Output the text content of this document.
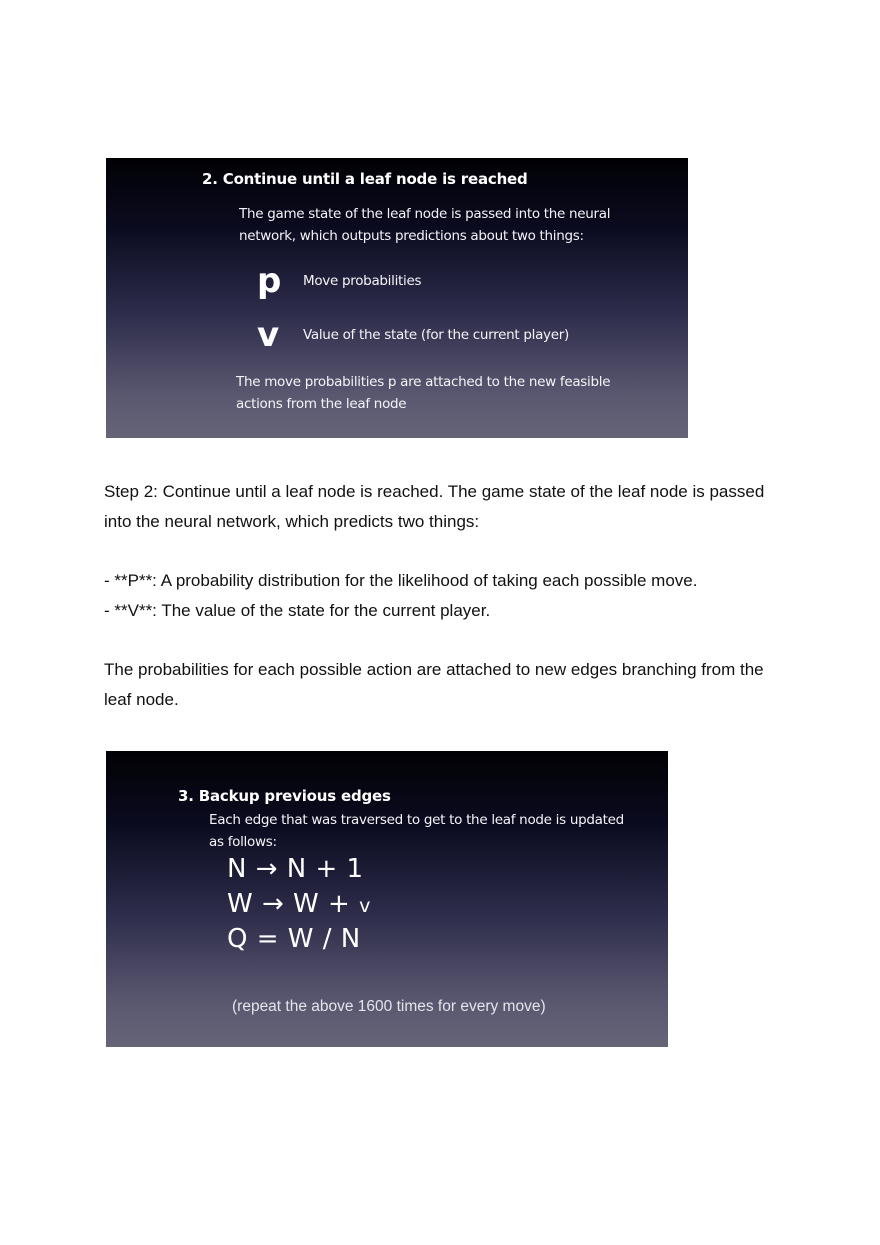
2. Continue until a leaf node is reached
The game state of the leaf node is passed into the neural
network, which outputs predictions about two things:
p Move probabilities
v Value of the state (for the current player)
The move probabilities p are attached to the new feasible
actions from the leaf node

Step 2: Continue until a leaf node is reached. The game state of the leaf node is passed into the neural network, which predicts two things:

- **P**: A probability distribution for the likelihood of taking each possible move.

- **V**: The value of the state for the current player.

The probabilities for each possible action are attached to new edges branching from the leaf node.

3. Backup previous edges
Each edge that was traversed to get to the leaf node is updated
as follows:
N → N + 1
W → W + v
Q = W / N
(repeat the above 1600 times for every move)
